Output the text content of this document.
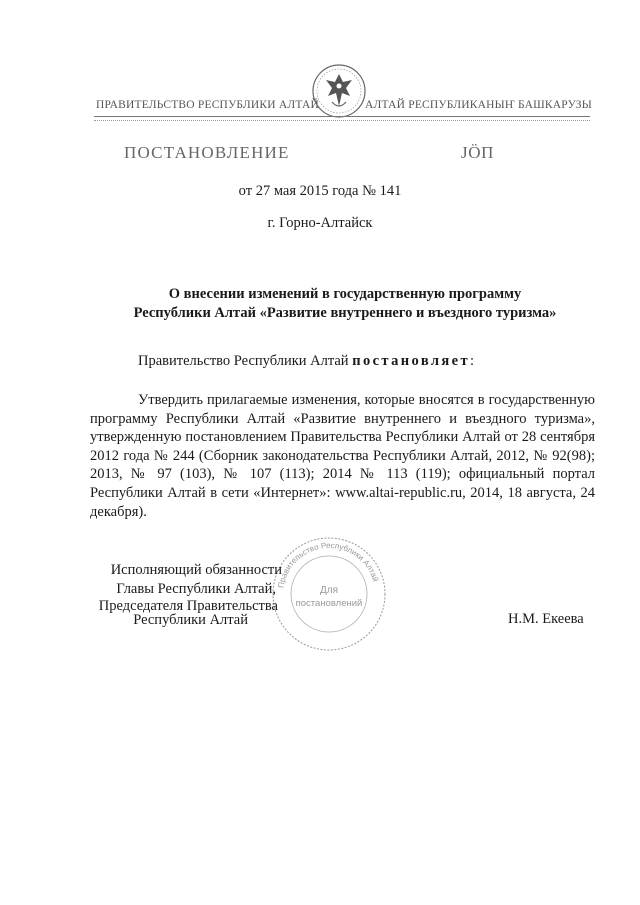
ПРАВИТЕЛЬСТВО РЕСПУБЛИКИ АЛТАЙ	АЛТАЙ РЕСПУБЛИКАНЫҤ БАШКАРУЗЫ
ПОСТАНОВЛЕНИЕ	JÖП
от 27 мая 2015 года № 141
г. Горно-Алтайск
О внесении изменений в государственную программу
Республики Алтай «Развитие внутреннего и въездного туризма»
Правительство Республики Алтай постановляет:
Утвердить прилагаемые изменения, которые вносятся в государственную программу Республики Алтай «Развитие внутреннего и въездного туризма», утвержденную постановлением Правительства Республики Алтай от 28 сентября 2012 года № 244 (Сборник законодательства Республики Алтай, 2012, № 92(98); 2013, № 97 (103), № 107 (113); 2014 № 113 (119); официальный портал Республики Алтай в сети «Интернет»: www.altai-republic.ru, 2014, 18 августа, 24 декабря).
Правительство Республики Алтай
Для
постановлений
Исполняющий обязанности
Главы Республики Алтай,
Председателя Правительства
Республики Алтай	Н.М. Екеева
